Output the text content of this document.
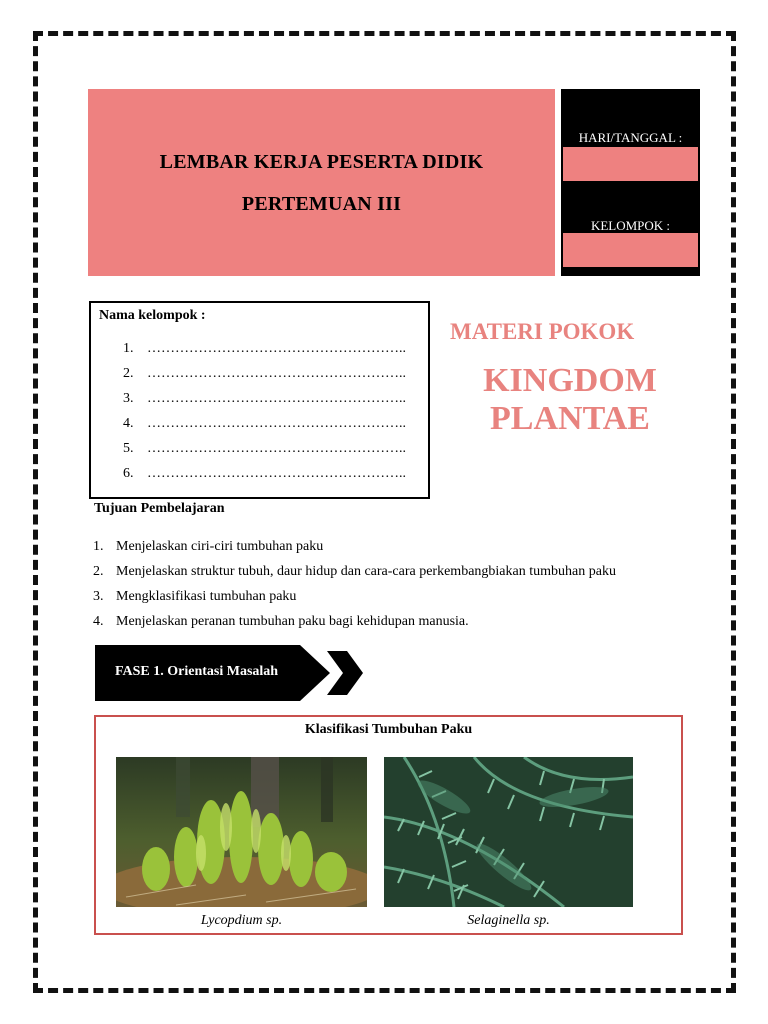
LEMBAR KERJA PESERTA DIDIK
PERTEMUAN III
HARI/TANGGAL :
KELOMPOK :
Nama kelompok :
1. ………………………………………………..
2. ………………………………………………..
3. ………………………………………………..
4. ………………………………………………..
5. ………………………………………………..
6. ………………………………………………..
MATERI POKOK
KINGDOM
PLANTAE
Tujuan Pembelajaran
1. Menjelaskan ciri-ciri tumbuhan paku
2. Menjelaskan struktur tubuh, daur hidup dan cara-cara perkembangbiakan tumbuhan paku
3. Mengklasifikasi tumbuhan paku
4. Menjelaskan peranan tumbuhan paku bagi kehidupan manusia.
FASE 1. Orientasi Masalah
Klasifikasi Tumbuhan Paku
Lycopdium sp.	Selaginella sp.
